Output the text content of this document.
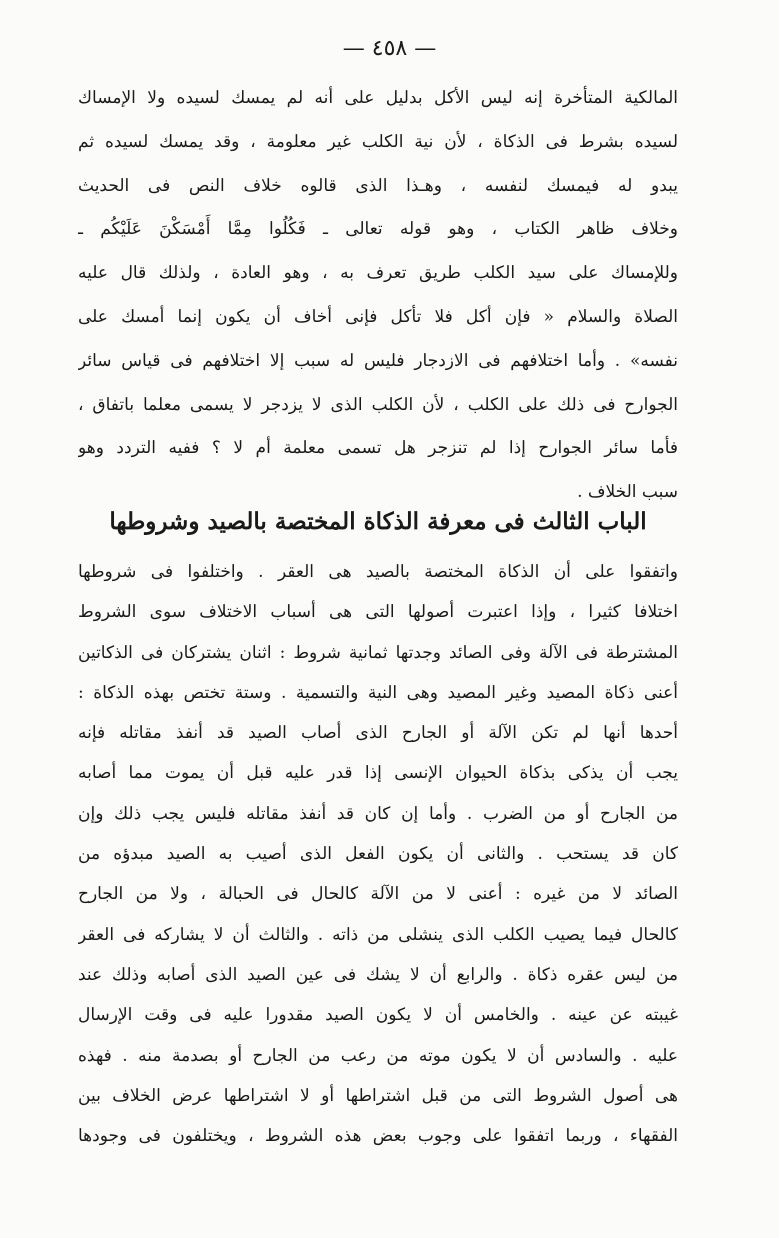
— ٤٥٨ —
المالكية المتأخرة إنه ليس الأكل بدليل على أنه لم يمسك لسيده ولا الإمساك
لسيده بشرط فى الذكاة ، لأن نية الكلب غير معلومة ، وقد يمسك لسيده ثم
يبدو له فيمسك لنفسه ، وهـذا الذى قالوه خلاف النص فى الحديث
وخلاف ظاهر الكتاب ، وهو قوله تعالى ـ فَكُلُوا مِمَّا أَمْسَكْنَ عَلَيْكُم ـ
وللإمساك على سيد الكلب طريق تعرف به ، وهو العادة ، ولذلك قال عليه
الصلاة والسلام « فإن أكل فلا تأكل فإنى أخاف أن يكون إنما أمسك على
نفسه» . وأما اختلافهم فى الازدجار فليس له سبب إلا اختلافهم فى قياس سائر
الجوارح فى ذلك على الكلب ، لأن الكلب الذى لا يزدجر لا يسمى معلما باتفاق ،
فأما سائر الجوارح إذا لم تنزجر هل تسمى معلمة أم لا ؟ ففيه التردد وهو
سبب الخلاف .
الباب الثالث فى معرفة الذكاة المختصة بالصيد وشروطها
واتفقوا على أن الذكاة المختصة بالصيد هى العقر . واختلفوا فى شروطها
اختلافا كثيرا ، وإذا اعتبرت أصولها التى هى أسباب الاختلاف سوى الشروط
المشترطة فى الآلة وفى الصائد وجدتها ثمانية شروط : اثنان يشتركان فى الذكاتين
أعنى ذكاة المصيد وغير المصيد وهى النية والتسمية . وستة تختص بهذه الذكاة :
أحدها أنها لم تكن الآلة أو الجارح الذى أصاب الصيد قد أنفذ مقاتله فإنه
يجب أن يذكى بذكاة الحيوان الإنسى إذا قدر عليه قبل أن يموت مما أصابه
من الجارح أو من الضرب . وأما إن كان قد أنفذ مقاتله فليس يجب ذلك وإن
كان قد يستحب . والثانى أن يكون الفعل الذى أصيب به الصيد مبدؤه من
الصائد لا من غيره : أعنى لا من الآلة كالحال فى الحبالة ، ولا من الجارح
كالحال فيما يصيب الكلب الذى ينشلى من ذاته . والثالث أن لا يشاركه فى العقر
من ليس عقره ذكاة . والرابع أن لا يشك فى عين الصيد الذى أصابه وذلك عند
غيبته عن عينه . والخامس أن لا يكون الصيد مقدورا عليه فى وقت الإرسال
عليه . والسادس أن لا يكون موته من رعب من الجارح أو بصدمة منه . فهذه
هى أصول الشروط التى من قبل اشتراطها أو لا اشتراطها عرض الخلاف بين
الفقهاء ، وربما اتفقوا على وجوب بعض هذه الشروط ، ويختلفون فى وجودها
